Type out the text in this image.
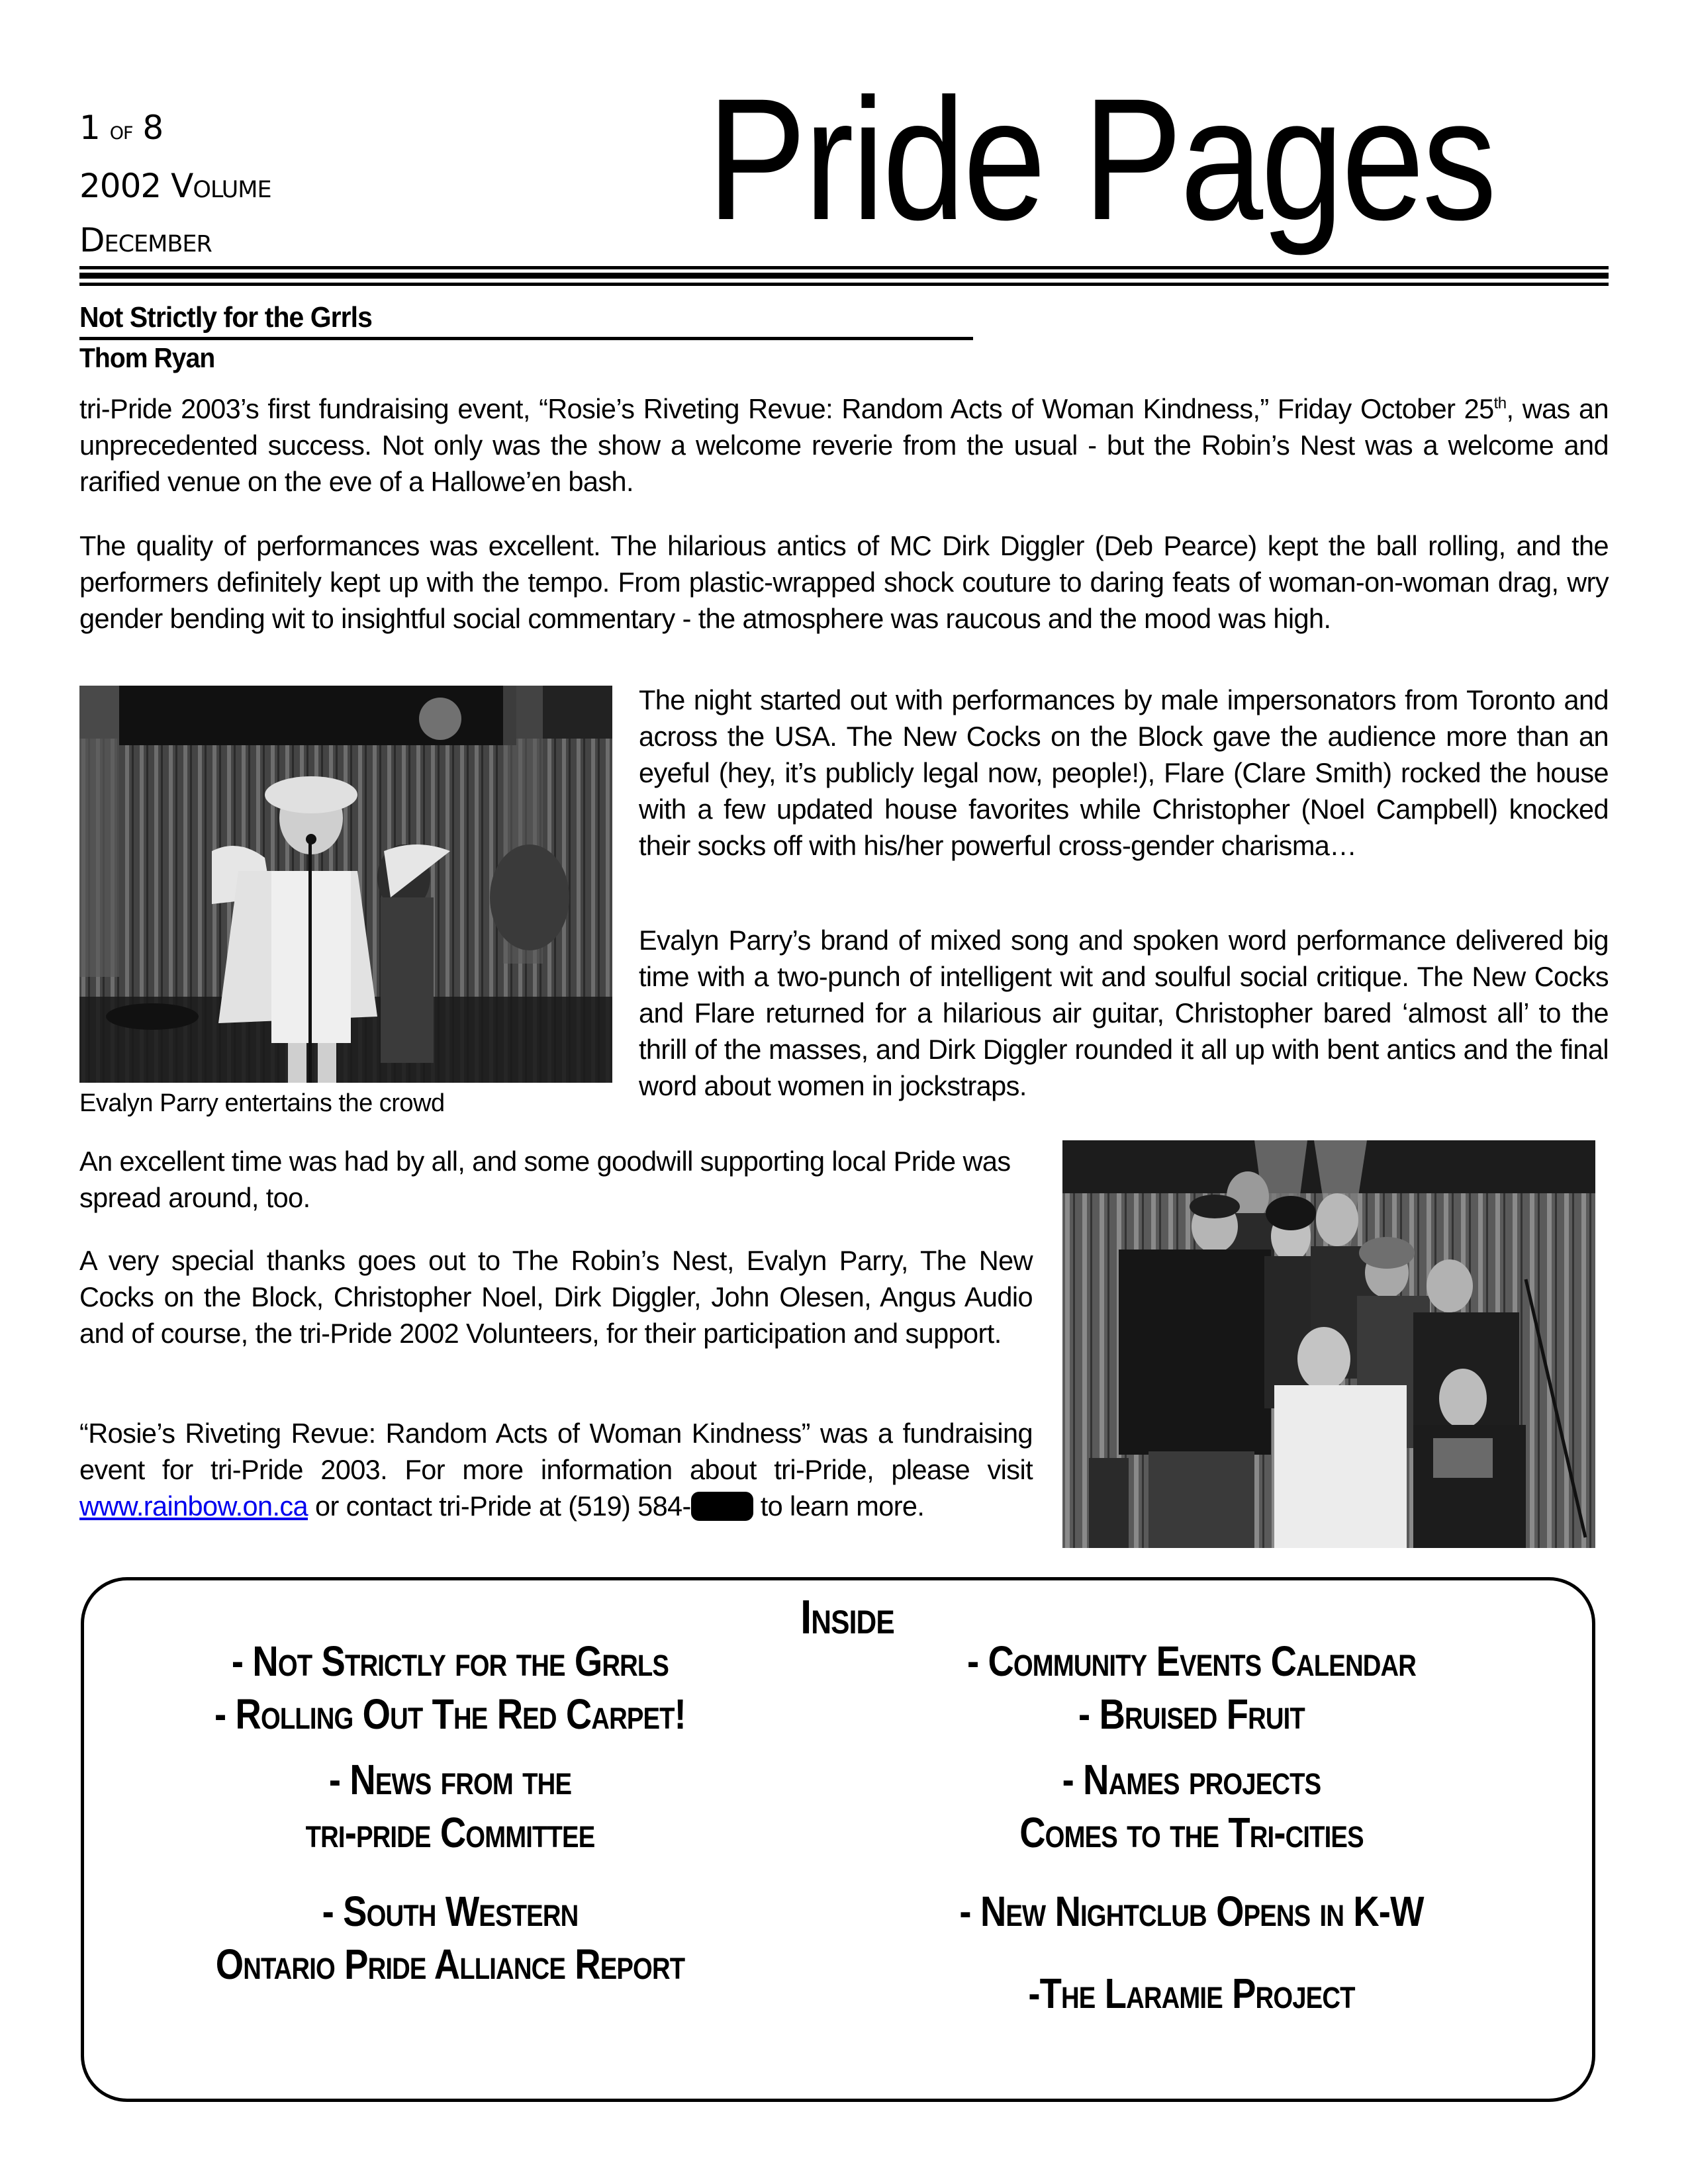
1 of 8
2002 Volume
December	Pride Pages
Not Strictly for the Grrls
Thom Ryan
tri-Pride 2003’s first fundraising event, “Rosie’s Riveting Revue: Random Acts of Woman Kindness,” Friday October 25th, was an unprecedented success. Not only was the show a welcome reverie from the usual - but the Robin’s Nest was a welcome and rarified venue on the eve of a Hallowe’en bash.
The quality of performances was excellent. The hilarious antics of MC Dirk Diggler (Deb Pearce) kept the ball rolling, and the performers definitely kept up with the tempo. From plastic-wrapped shock couture to daring feats of woman-on-woman drag, wry gender bending wit to insightful social commentary - the atmosphere was raucous and the mood was high.
Evalyn Parry entertains the crowd
The night started out with performances by male impersonators from Toronto and across the USA. The New Cocks on the Block gave the audience more than an eyeful (hey, it’s publicly legal now, people!), Flare (Clare Smith) rocked the house with a few updated house favorites while Christopher (Noel Campbell) knocked their socks off with his/her powerful cross-gender charisma…
Evalyn Parry’s brand of mixed song and spoken word performance delivered big time with a two-punch of intelligent wit and soulful social critique. The New Cocks and Flare returned for a hilarious air guitar, Christopher bared ‘almost all’ to the thrill of the masses, and Dirk Diggler rounded it all up with bent antics and the final word about women in jockstraps.
An excellent time was had by all, and some goodwill supporting local Pride was spread around, too.
A very special thanks goes out to The Robin’s Nest, Evalyn Parry, The New Cocks on the Block, Christopher Noel, Dirk Diggler, John Olesen, Angus Audio and of course, the tri-Pride 2002 Volunteers, for their participation and support.
“Rosie’s Riveting Revue: Random Acts of Woman Kindness” was a fundraising event for tri-Pride 2003. For more information about tri-Pride, please visit www.rainbow.on.ca or contact tri-Pride at (519) 584- to learn more.
Inside
- Not Strictly for the Grrls
- Rolling Out The Red Carpet!
- News from the
tri-pride Committee
- South Western
Ontario Pride Alliance Report
- Community Events Calendar
- Bruised Fruit
- Names projects
Comes to the Tri-cities
- New Nightclub Opens in K-W
-The Laramie Project
